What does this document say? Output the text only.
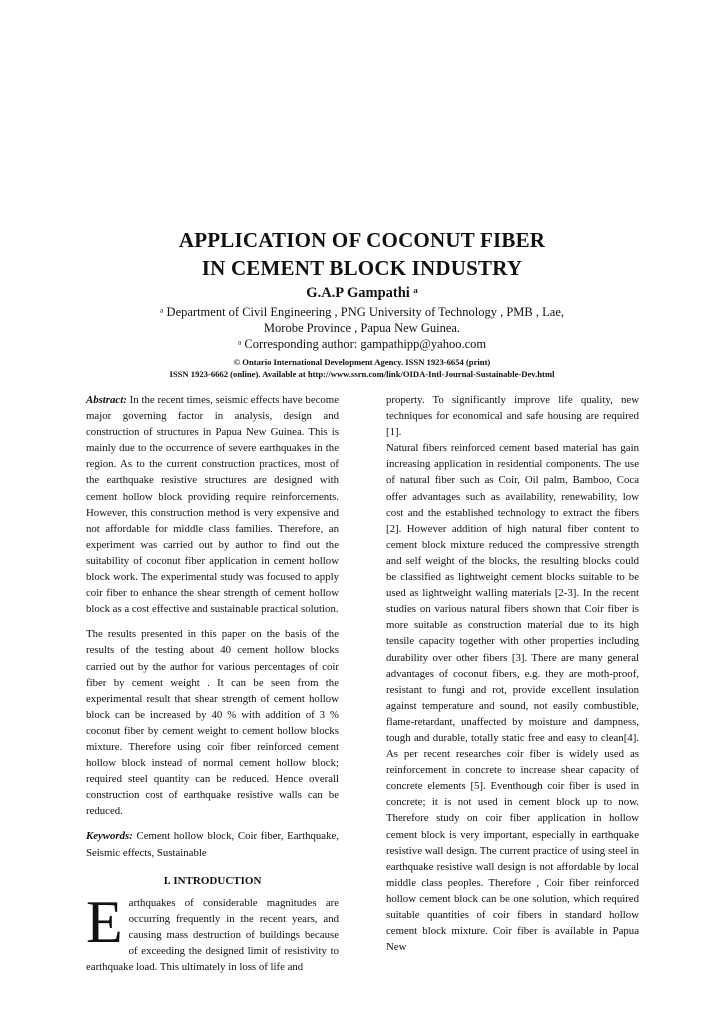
APPLICATION OF COCONUT FIBER
IN CEMENT BLOCK INDUSTRY
G.A.P Gampathi ᵃ
ᵃ Department of Civil Engineering , PNG University of Technology , PMB , Lae,
Morobe Province , Papua New Guinea.
ᵃ Corresponding author: gampathipp@yahoo.com
© Ontario International Development Agency. ISSN 1923-6654 (print)
ISSN 1923-6662 (online). Available at http://www.ssrn.com/link/OIDA-Intl-Journal-Sustainable-Dev.html

Abstract: In the recent times, seismic effects have become major governing factor in analysis, design and construction of structures in Papua New Guinea. This is mainly due to the occurrence of severe earthquakes in the region. As to the current construction practices, most of the earthquake resistive structures are designed with cement hollow block providing require reinforcements. However, this construction method is very expensive and not affordable for middle class families. Therefore, an experiment was carried out by author to find out the suitability of coconut fiber application in cement hollow block work. The experimental study was focused to apply coir fiber to enhance the shear strength of cement hollow block as a cost effective and sustainable practical solution.

The results presented in this paper on the basis of the results of the testing about 40 cement hollow blocks carried out by the author for various percentages of coir fiber by cement weight . It can be seen from the experimental result that shear strength of cement hollow block can be increased by 40 % with addition of 3 % coconut fiber by cement weight to cement hollow blocks mixture. Therefore using coir fiber reinforced cement hollow block instead of normal cement hollow block; required steel quantity can be reduced. Hence overall construction cost of earthquake resistive walls can be reduced.

Keywords: Cement hollow block, Coir fiber, Earthquake, Seismic effects, Sustainable

I. INTRODUCTION

Earthquakes of considerable magnitudes are occurring frequently in the recent years, and causing mass destruction of buildings because of exceeding the designed limit of resistivity to earthquake load. This ultimately in loss of life and

property. To significantly improve life quality, new techniques for economical and safe housing are required [1].

Natural fibers reinforced cement based material has gain increasing application in residential components. The use of natural fiber such as Coir, Oil palm, Bamboo, Coca offer advantages such as availability, renewability, low cost and the established technology to extract the fibers [2]. However addition of high natural fiber content to cement block mixture reduced the compressive strength and self weight of the blocks, the resulting blocks could be classified as lightweight cement blocks suitable to be used as lightweight walling materials [2-3]. In the recent studies on various natural fibers shown that Coir fiber is more suitable as construction material due to its high tensile capacity together with other properties including durability over other fibers [3]. There are many general advantages of coconut fibers, e.g. they are moth-proof, resistant to fungi and rot, provide excellent insulation against temperature and sound, not easily combustible, flame-retardant, unaffected by moisture and dampness, tough and durable, totally static free and easy to clean[4]. As per recent researches coir fiber is widely used as reinforcement in concrete to increase shear capacity of concrete elements [5]. Eventhough coir fiber is used in concrete; it is not used in cement block up to now. Therefore study on coir fiber application in hollow cement block is very important, especially in earthquake resistive wall design. The current practice of using steel in earthquake resistive wall design is not affordable by local middle class peoples. Therefore , Coir fiber reinforced hollow cement block can be one solution, which required suitable quantities of coir fibers in standard hollow cement block mixture. Coir fiber is available in Papua New
